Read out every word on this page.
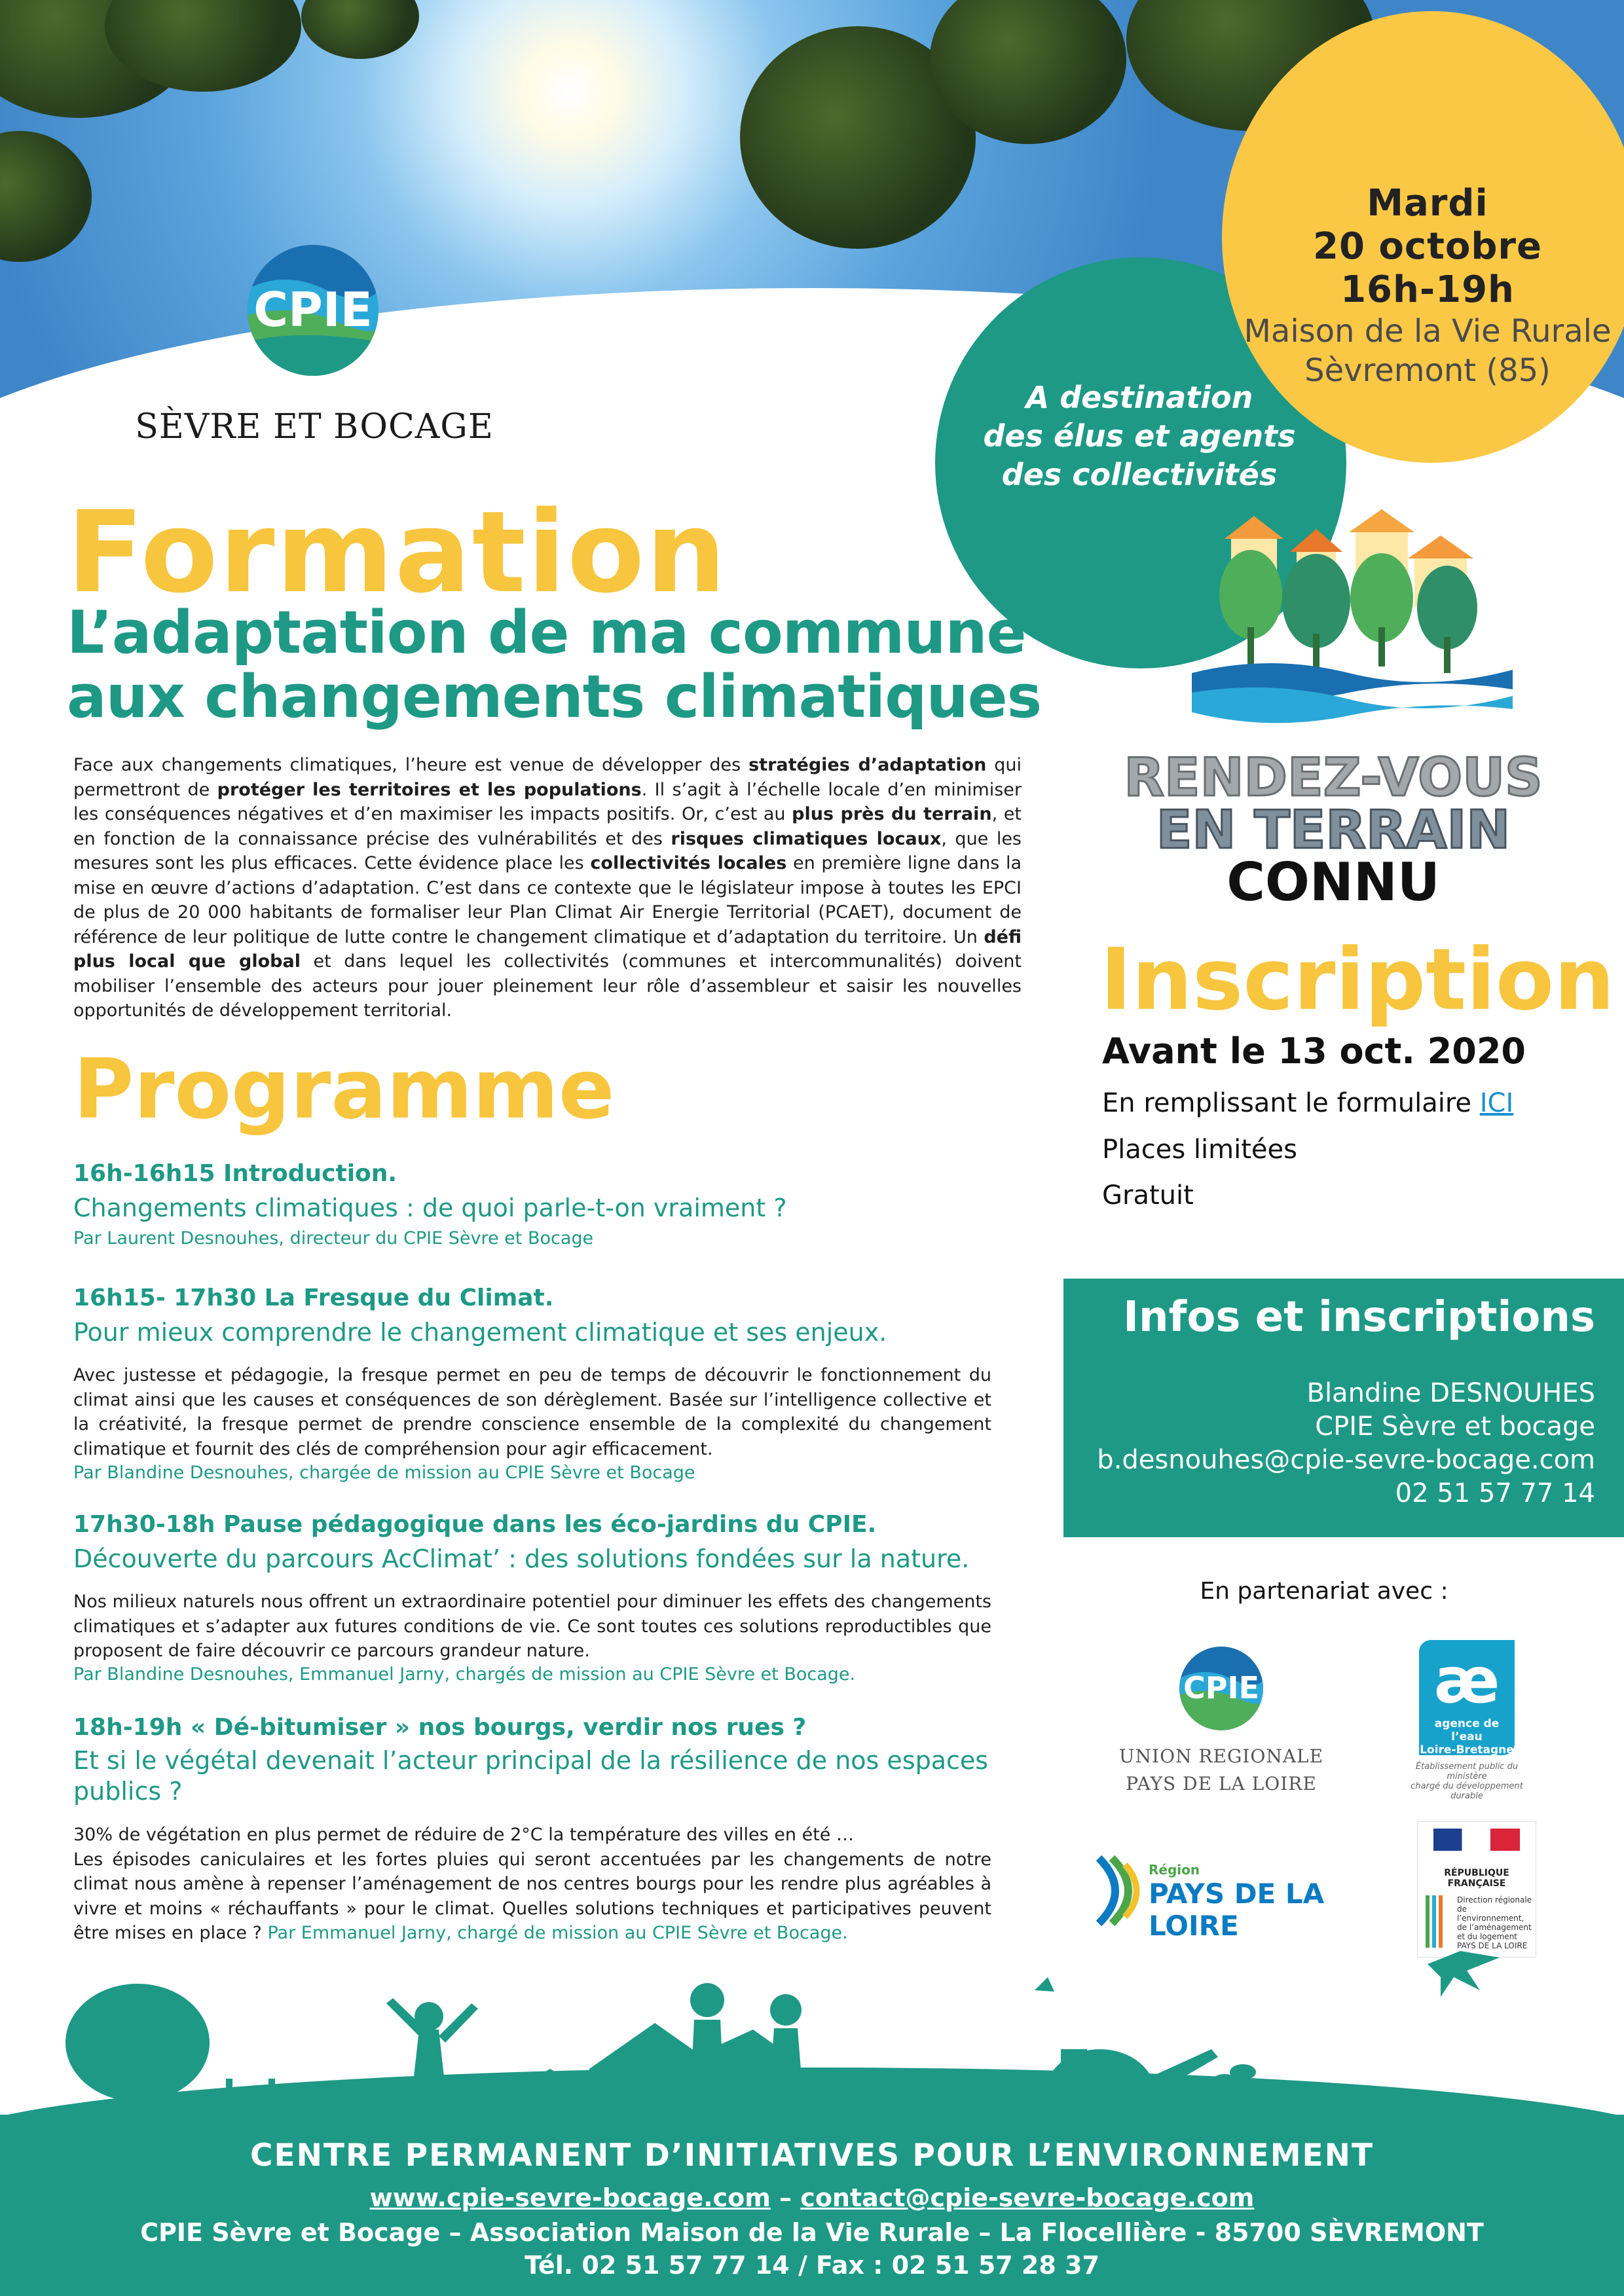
CPIE
SÈVRE ET BOCAGE
A destination
des élus et agents
des collectivités
Mardi
20 octobre
16h-19h
Maison de la Vie Rurale
Sèvremont (85)
Formation
L’adaptation de ma commune
aux changements climatiques
Face aux changements climatiques, l’heure est venue de développer des stratégies d’adaptation qui permettront de protéger les territoires et les populations. Il s’agit à l’échelle locale d’en minimiser les conséquences négatives et d’en maximiser les impacts positifs. Or, c’est au plus près du terrain, et en fonction de la connaissance précise des vulnérabilités et des risques climatiques locaux, que les mesures sont les plus efficaces. Cette évidence place les collectivités locales en première ligne dans la mise en œuvre d’actions d’adaptation. C’est dans ce contexte que le législateur impose à toutes les EPCI de plus de 20 000 habitants de formaliser leur Plan Climat Air Energie Territorial (PCAET), document de référence de leur politique de lutte contre le changement climatique et d’adaptation du territoire. Un défi plus local que global et dans lequel les collectivités (communes et intercommunalités) doivent mobiliser l’ensemble des acteurs pour jouer pleinement leur rôle d’assembleur et saisir les nouvelles opportunités de développement territorial.
RENDEZ-VOUS
EN TERRAIN
CONNU
Inscription
Avant le 13 oct. 2020
En remplissant le formulaire ICI
Places limitées
Gratuit
Programme
16h-16h15 Introduction.
Changements climatiques : de quoi parle-t-on vraiment ?
Par Laurent Desnouhes, directeur du CPIE Sèvre et Bocage
16h15- 17h30 La Fresque du Climat.
Pour mieux comprendre le changement climatique et ses enjeux.
Avec justesse et pédagogie, la fresque permet en peu de temps de découvrir le fonctionnement du climat ainsi que les causes et conséquences de son dérèglement. Basée sur l’intelligence collective et la créativité, la fresque permet de prendre conscience ensemble de la complexité du changement climatique et fournit des clés de compréhension pour agir efficacement.
Par Blandine Desnouhes, chargée de mission au CPIE Sèvre et Bocage
17h30-18h Pause pédagogique dans les éco-jardins du CPIE.
Découverte du parcours AcClimat’ : des solutions fondées sur la nature.
Nos milieux naturels nous offrent un extraordinaire potentiel pour diminuer les effets des changements climatiques et s’adapter aux futures conditions de vie. Ce sont toutes ces solutions reproductibles que proposent de faire découvrir ce parcours grandeur nature.
Par Blandine Desnouhes, Emmanuel Jarny, chargés de mission au CPIE Sèvre et Bocage.
18h-19h « Dé-bitumiser » nos bourgs, verdir nos rues ?
Et si le végétal devenait l’acteur principal de la résilience de nos espaces publics ?
30% de végétation en plus permet de réduire de 2°C la température des villes en été …
Les épisodes caniculaires et les fortes pluies qui seront accentuées par les changements de notre climat nous amène à repenser l’aménagement de nos centres bourgs pour les rendre plus agréables à vivre et moins « réchauffants » pour le climat. Quelles solutions techniques et participatives peuvent être mises en place ? Par Emmanuel Jarny, chargé de mission au CPIE Sèvre et Bocage.
Infos et inscriptions
Blandine DESNOUHES
CPIE Sèvre et bocage
b.desnouhes@cpie-sevre-bocage.com
02 51 57 77 14
En partenariat avec :
CPIE
UNION REGIONALE
PAYS DE LA LOIRE
æ
agence de l’eau
Loire-Bretagne
Établissement public du ministère
chargé du développement durable
Région
PAYS DE LA LOIRE
RÉPUBLIQUE FRANÇAISE
Direction régionale
de l’environnement,
de l’aménagement
et du logement
PAYS DE LA LOIRE
CENTRE PERMANENT D’INITIATIVES POUR L’ENVIRONNEMENT
www.cpie-sevre-bocage.com – contact@cpie-sevre-bocage.com
CPIE Sèvre et Bocage – Association Maison de la Vie Rurale – La Flocellière - 85700 SÈVREMONT
Tél. 02 51 57 77 14 / Fax : 02 51 57 28 37
